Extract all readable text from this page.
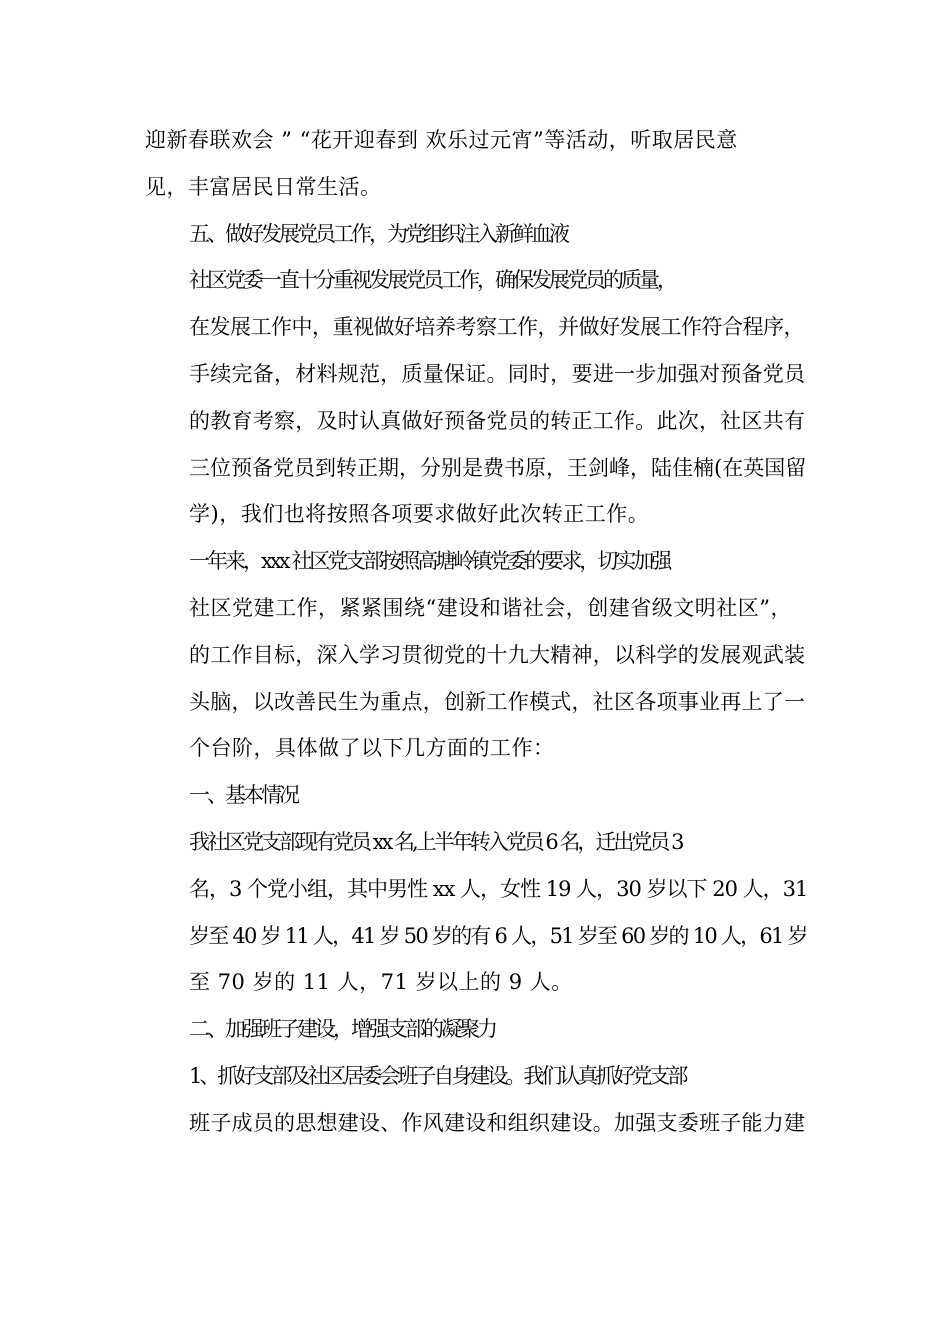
迎新春联欢会 ” “花开迎春到 欢乐过元宵”等活动，听取居民意
见，丰富居民日常生活。

五、做好发展党员工作，为党组织注入新鲜血液

社区党委一直十分重视发展党员工作，确保发展党员的质量，
在发展工作中，重视做好培养考察工作，并做好发展工作符合程序，
手续完备，材料规范，质量保证。同时，要进一步加强对预备党员
的教育考察，及时认真做好预备党员的转正工作。此次，社区共有
三位预备党员到转正期，分别是费书原，王剑峰，陆佳楠(在英国留
学)，我们也将按照各项要求做好此次转正工作。

一年来，xxx 社区党支部按照高塘岭镇党委的要求，切实加强
社区党建工作，紧紧围绕“建设和谐社会，创建省级文明社区”，
的工作目标，深入学习贯彻党的十九大精神，以科学的发展观武装
头脑，以改善民生为重点，创新工作模式，社区各项事业再上了一
个台阶，具体做了以下几方面的工作：

一、基本情况

我社区党支部现有党员 xx 名,上半年转入党员 6 名，迁出党员 3
名，3 个党小组，其中男性 xx 人，女性 19 人，30 岁以下 20 人，31
岁至 40 岁 11 人，41 岁 50 岁的有 6 人，51 岁至 60 岁的 10 人，61 岁
至 70 岁的 11 人，71 岁以上的 9 人。

二、加强班子建设，增强支部的凝聚力

1、抓好支部及社区居委会班子自身建设。我们认真抓好党支部
班子成员的思想建设、作风建设和组织建设。加强支委班子能力建
